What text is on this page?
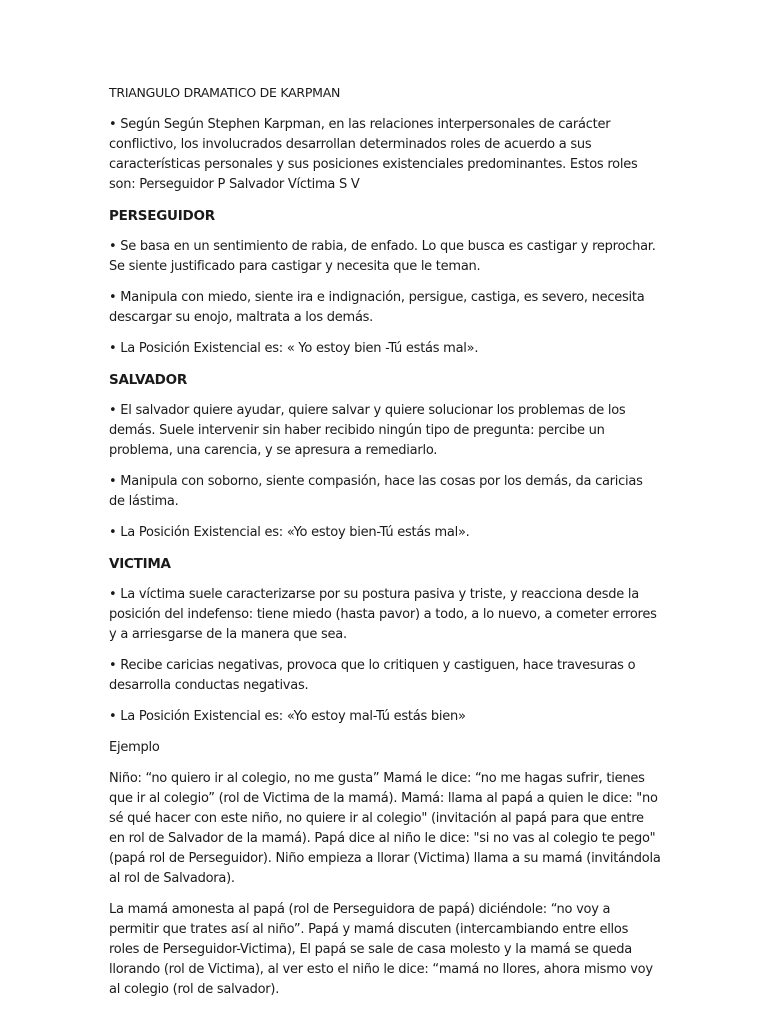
TRIANGULO DRAMATICO DE KARPMAN

• Según Según Stephen Karpman, en las relaciones interpersonales de carácter conflictivo, los involucrados desarrollan determinados roles de acuerdo a sus características personales y sus posiciones existenciales predominantes. Estos roles son: Perseguidor P Salvador Víctima S V

PERSEGUIDOR

• Se basa en un sentimiento de rabia, de enfado. Lo que busca es castigar y reprochar. Se siente justificado para castigar y necesita que le teman.

• Manipula con miedo, siente ira e indignación, persigue, castiga, es severo, necesita descargar su enojo, maltrata a los demás.

• La Posición Existencial es: « Yo estoy bien -Tú estás mal».

SALVADOR

• El salvador quiere ayudar, quiere salvar y quiere solucionar los problemas de los demás. Suele intervenir sin haber recibido ningún tipo de pregunta: percibe un problema, una carencia, y se apresura a remediarlo.

• Manipula con soborno, siente compasión, hace las cosas por los demás, da caricias de lástima.

• La Posición Existencial es: «Yo estoy bien-Tú estás mal».

VICTIMA

• La víctima suele caracterizarse por su postura pasiva y triste, y reacciona desde la posición del indefenso: tiene miedo (hasta pavor) a todo, a lo nuevo, a cometer errores y a arriesgarse de la manera que sea.

• Recibe caricias negativas, provoca que lo critiquen y castiguen, hace travesuras o desarrolla conductas negativas.

• La Posición Existencial es: «Yo estoy mal-Tú estás bien»

Ejemplo

Niño: “no quiero ir al colegio, no me gusta” Mamá le dice: “no me hagas sufrir, tienes que ir al colegio” (rol de Victima de la mamá). Mamá: llama al papá a quien le dice: "no sé qué hacer con este niño, no quiere ir al colegio" (invitación al papá para que entre en rol de Salvador de la mamá). Papá dice al niño le dice: "si no vas al colegio te pego" (papá rol de Perseguidor). Niño empieza a llorar (Victima) llama a su mamá (invitándola al rol de Salvadora).

La mamá amonesta al papá (rol de Perseguidora de papá) diciéndole: “no voy a permitir que trates así al niño”. Papá y mamá discuten (intercambiando entre ellos roles de Perseguidor-Victima), El papá se sale de casa molesto y la mamá se queda llorando (rol de Victima), al ver esto el niño le dice: “mamá no llores, ahora mismo voy al colegio (rol de salvador).
